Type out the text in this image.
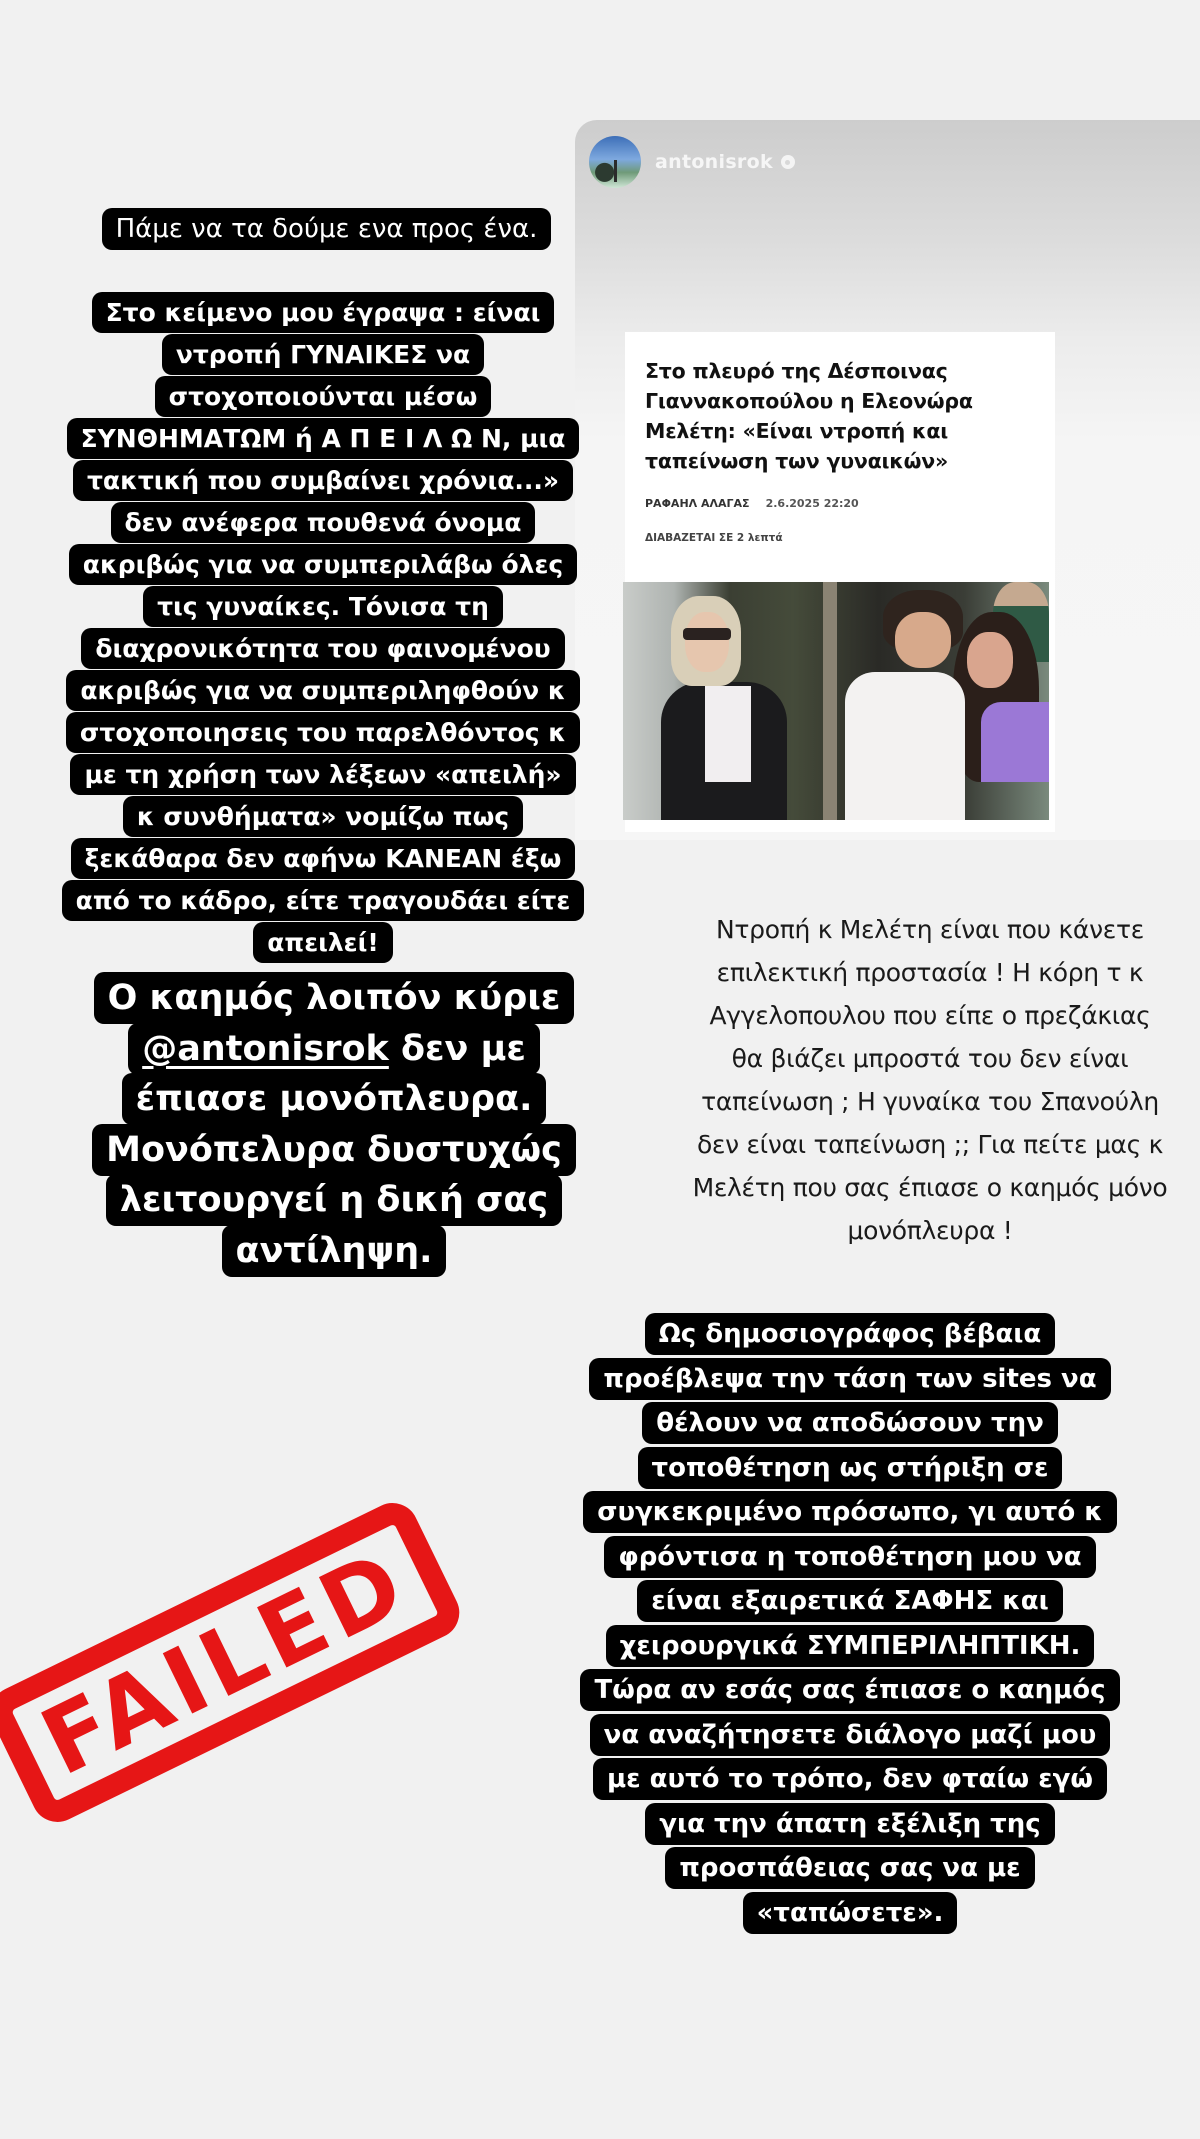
antonisrok
Στο πλευρό της Δέσποινας Γιαννακοπούλου η Ελεονώρα Μελέτη: «Είναι ντροπή και ταπείνωση των γυναικών»
ΡΑΦΑΗΛ ΑΛΑΓΑΣ 2.6.2025 22:20
ΔΙΑΒΑΖΕΤΑΙ ΣΕ 2 λεπτά
Πάμε να τα δούμε ενα προς ένα.
Στο κείμενο μου έγραψα : είναι
ντροπή ΓΥΝΑΙΚΕΣ να
στοχοποιούνται μέσω
ΣΥΝΘΗΜΑΤΩΜ ή Α Π Ε Ι Λ Ω Ν, μια
τακτική που συμβαίνει χρόνια...»
δεν ανέφερα πουθενά όνομα
ακριβώς για να συμπεριλάβω όλες
τις γυναίκες. Τόνισα τη
διαχρονικότητα του φαινομένου
ακριβώς για να συμπεριληφθούν κ
στοχοποιησεις του παρελθόντος κ
με τη χρήση των λέξεων «απειλή»
κ συνθήματα» νομίζω πως
ξεκάθαρα δεν αφήνω ΚΑΝΕΑΝ έξω
από το κάδρο, είτε τραγουδάει είτε
απειλεί!
Ο καημός λοιπόν κύριε
@antonisrok δεν με
έπιασε μονόπλευρα.
Μονόπελυρα δυστυχώς
λειτουργεί η δική σας
αντίληψη.
Ντροπή κ Μελέτη είναι που κάνετε
επιλεκτική προστασία ! Η κόρη τ κ
Αγγελοπουλου που είπε ο πρεζάκιας
θα βιάζει μπροστά του δεν είναι
ταπείνωση ; Η γυναίκα του Σπανούλη
δεν είναι ταπείνωση ;; Για πείτε μας κ
Μελέτη που σας έπιασε ο καημός μόνο
μονόπλευρα !
Ως δημοσιογράφος βέβαια
προέβλεψα την τάση των sites να
θέλουν να αποδώσουν την
τοποθέτηση ως στήριξη σε
συγκεκριμένο πρόσωπο, γι αυτό κ
φρόντισα η τοποθέτηση μου να
είναι εξαιρετικά ΣΑΦΗΣ και
χειρουργικά ΣΥΜΠΕΡΙΛΗΠΤΙΚΗ.
Τώρα αν εσάς σας έπιασε ο καημός
να αναζήτησετε διάλογο μαζί μου
με αυτό το τρόπο, δεν φταίω εγώ
για την άπατη εξέλιξη της
προσπάθειας σας να με
«ταπώσετε».
FAILED
